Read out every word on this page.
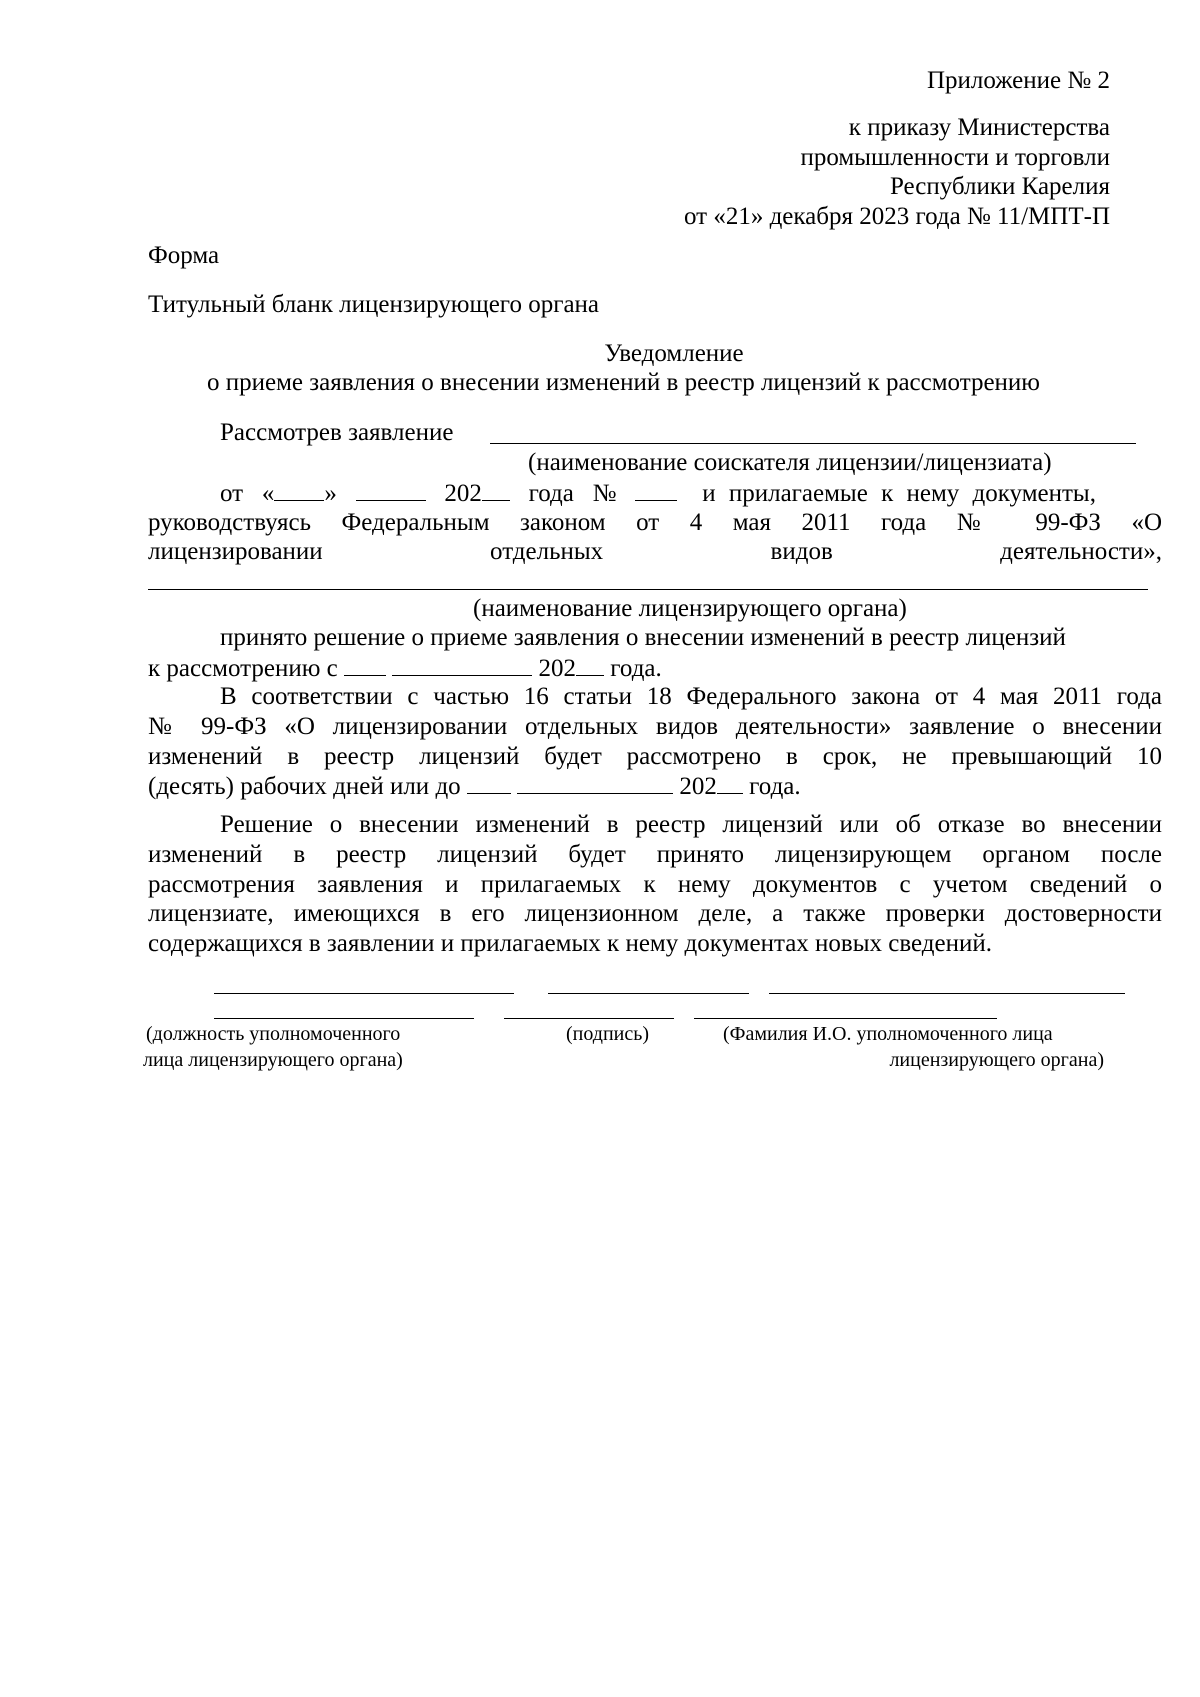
Приложение № 2
к приказу Министерства
промышленности и торговли
Республики Карелия
от «21» декабря 2023 года № 11/МПТ-П
Форма
Титульный бланк лицензирующего органа
Уведомление
о приеме заявления о внесении изменений в реестр лицензий к рассмотрению
Рассмотрев заявление
(наименование соискателя лицензии/лицензиата)
от « »	202 года №	и прилагаемые к нему документы,
руководствуясь Федеральным законом от 4 мая 2011 года № 99-ФЗ «О
лицензировании отдельных видов деятельности»,
(наименование лицензирующего органа)
принято решение о приеме заявления о внесении изменений в реестр лицензий
к рассмотрению с	202 года.
В соответствии с частью 16 статьи 18 Федерального закона от 4 мая 2011 года
№ 99-ФЗ «О лицензировании отдельных видов деятельности» заявление о внесении
изменений в реестр лицензий будет рассмотрено в срок, не превышающий 10
(десять) рабочих дней или до	202 года.
Решение о внесении изменений в реестр лицензий или об отказе во внесении
изменений в реестр лицензий будет принято лицензирующем органом после
рассмотрения заявления и прилагаемых к нему документов с учетом сведений о
лицензиате, имеющихся в его лицензионном деле, а также проверки достоверности
содержащихся в заявлении и прилагаемых к нему документах новых сведений.
(должность уполномоченного
лица лицензирующего органа)
(подпись)	(Фамилия И.О. уполномоченного лица
лицензирующего органа)
